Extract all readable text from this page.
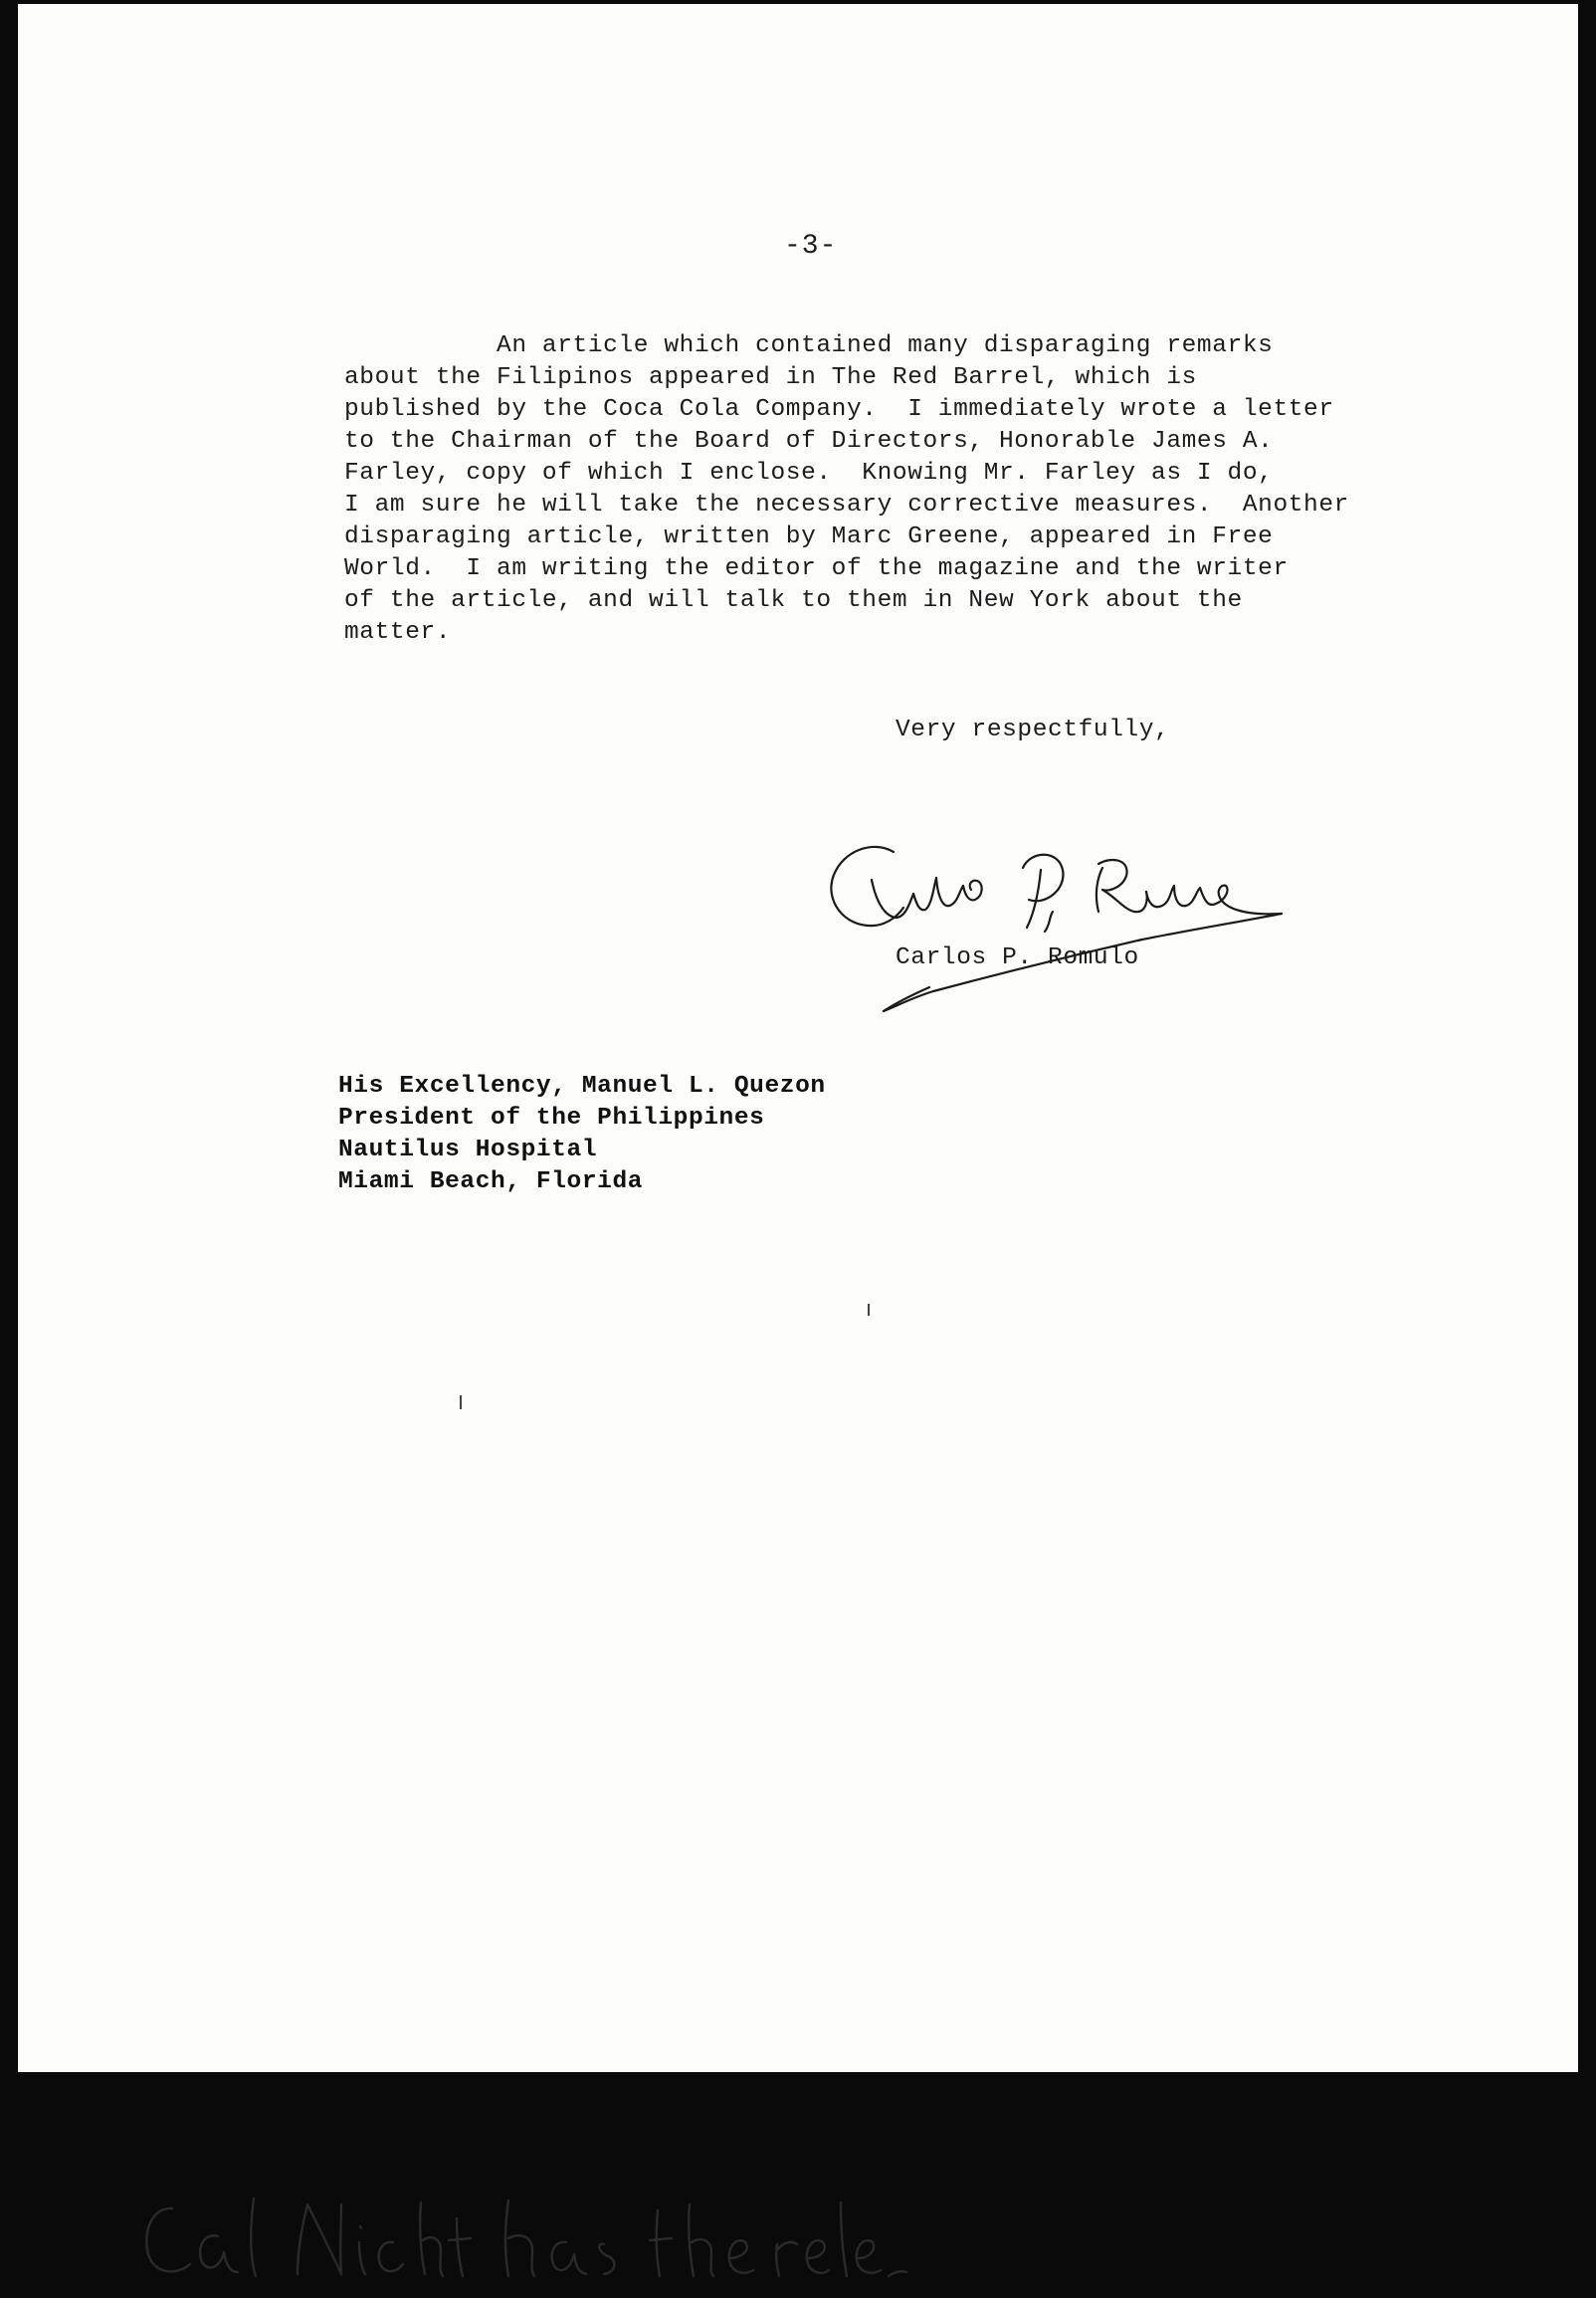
-3-
An article which contained many disparaging remarks
about the Filipinos appeared in The Red Barrel, which is
published by the Coca Cola Company.  I immediately wrote a letter
to the Chairman of the Board of Directors, Honorable James A.
Farley, copy of which I enclose.  Knowing Mr. Farley as I do,
I am sure he will take the necessary corrective measures.  Another
disparaging article, written by Marc Greene, appeared in Free
World.  I am writing the editor of the magazine and the writer
of the article, and will talk to them in New York about the
matter.
Very respectfully,
Carlos P. Romulo
His Excellency, Manuel L. Quezon
President of the Philippines
Nautilus Hospital
Miami Beach, Florida
